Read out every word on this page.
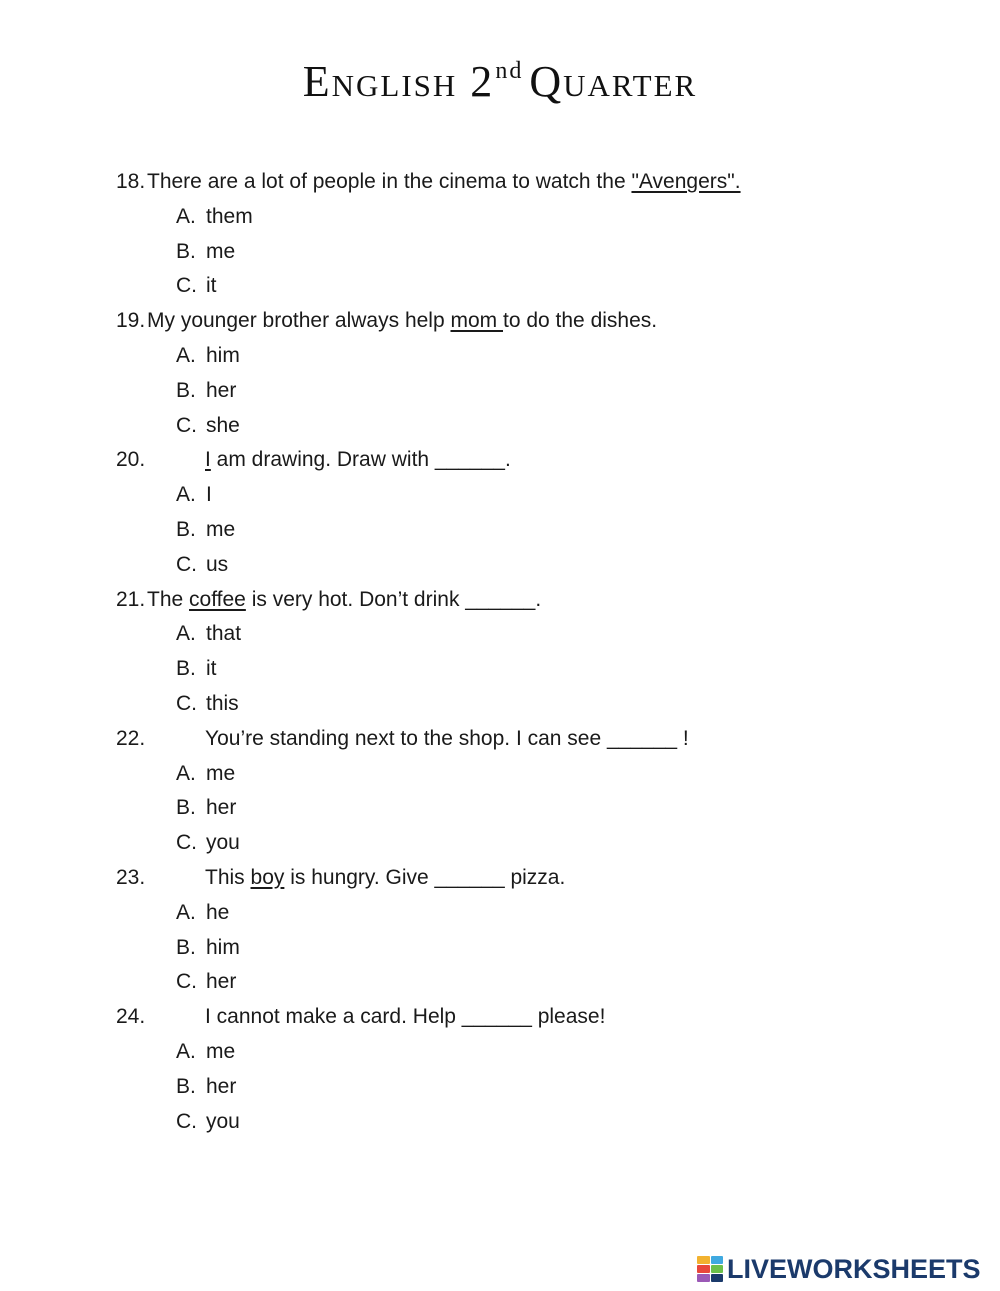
English 2nd Quarter
18. There are a lot of people in the cinema to watch the "Avengers".
A. them
B. me
C. it
19. My younger brother always help mom to do the dishes.
A. him
B. her
C. she
20.	I am drawing. Draw with ______.
A. I
B. me
C. us
21. The coffee is very hot. Don’t drink ______.
A. that
B. it
C. this
22.	You’re standing next to the shop. I can see ______ !
A. me
B. her
C. you
23.	This boy is hungry. Give ______ pizza.
A. he
B. him
C. her
24.	I cannot make a card. Help ______ please!
A. me
B. her
C. you
LIVEWORKSHEETS
